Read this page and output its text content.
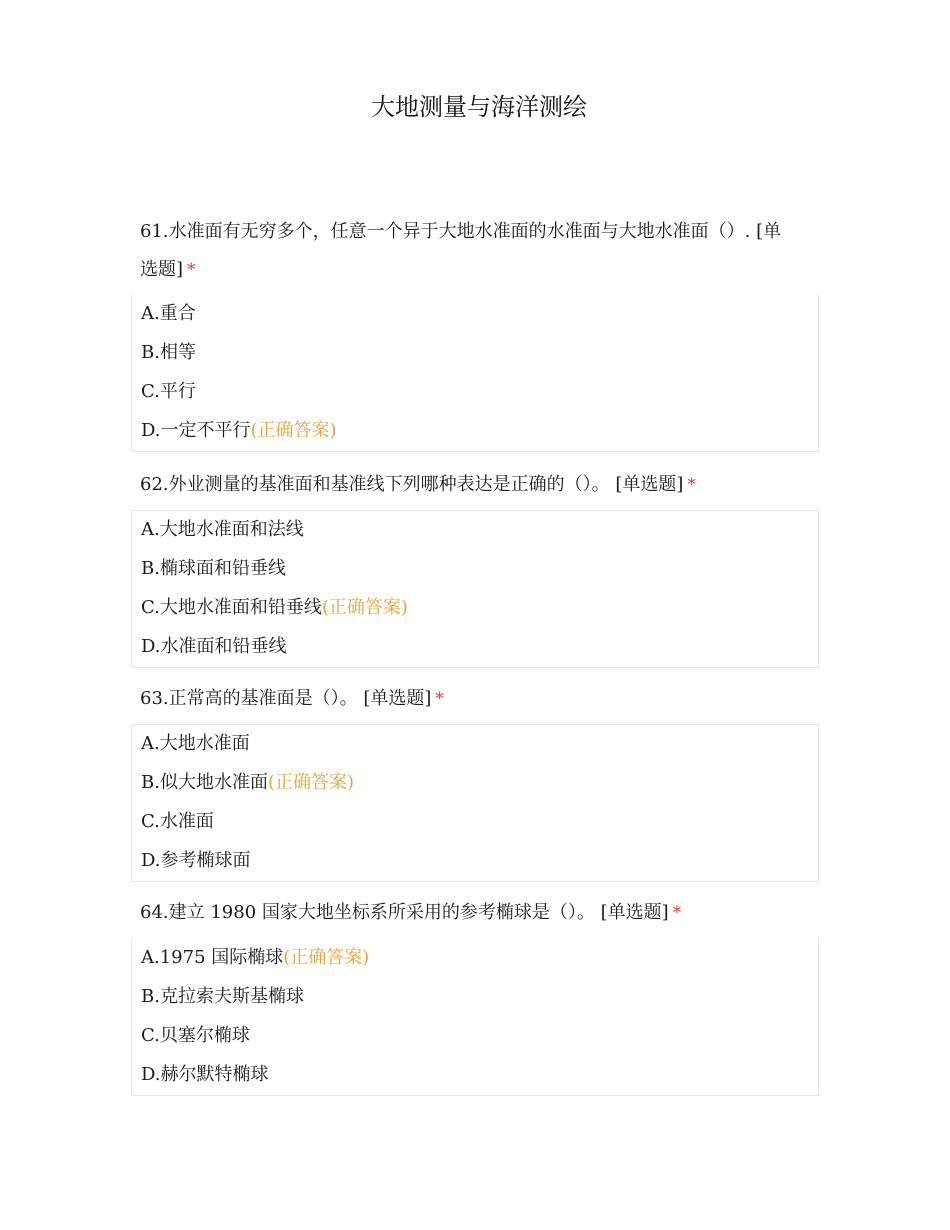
大地测量与海洋测绘

61.水准面有无穷多个，任意一个异于大地水准面的水准面与大地水准面（）. [单选题] *

A.重合
B.相等
C.平行
D.一定不平行(正确答案)

62.外业测量的基准面和基准线下列哪种表达是正确的（）。 [单选题] *

A.大地水准面和法线
B.椭球面和铅垂线
C.大地水准面和铅垂线(正确答案)
D.水准面和铅垂线

63.正常高的基准面是（）。 [单选题] *

A.大地水准面
B.似大地水准面(正确答案)
C.水准面
D.参考椭球面

64.建立 1980 国家大地坐标系所采用的参考椭球是（）。 [单选题] *

A.1975 国际椭球(正确答案)
B.克拉索夫斯基椭球
C.贝塞尔椭球
D.赫尔默特椭球
